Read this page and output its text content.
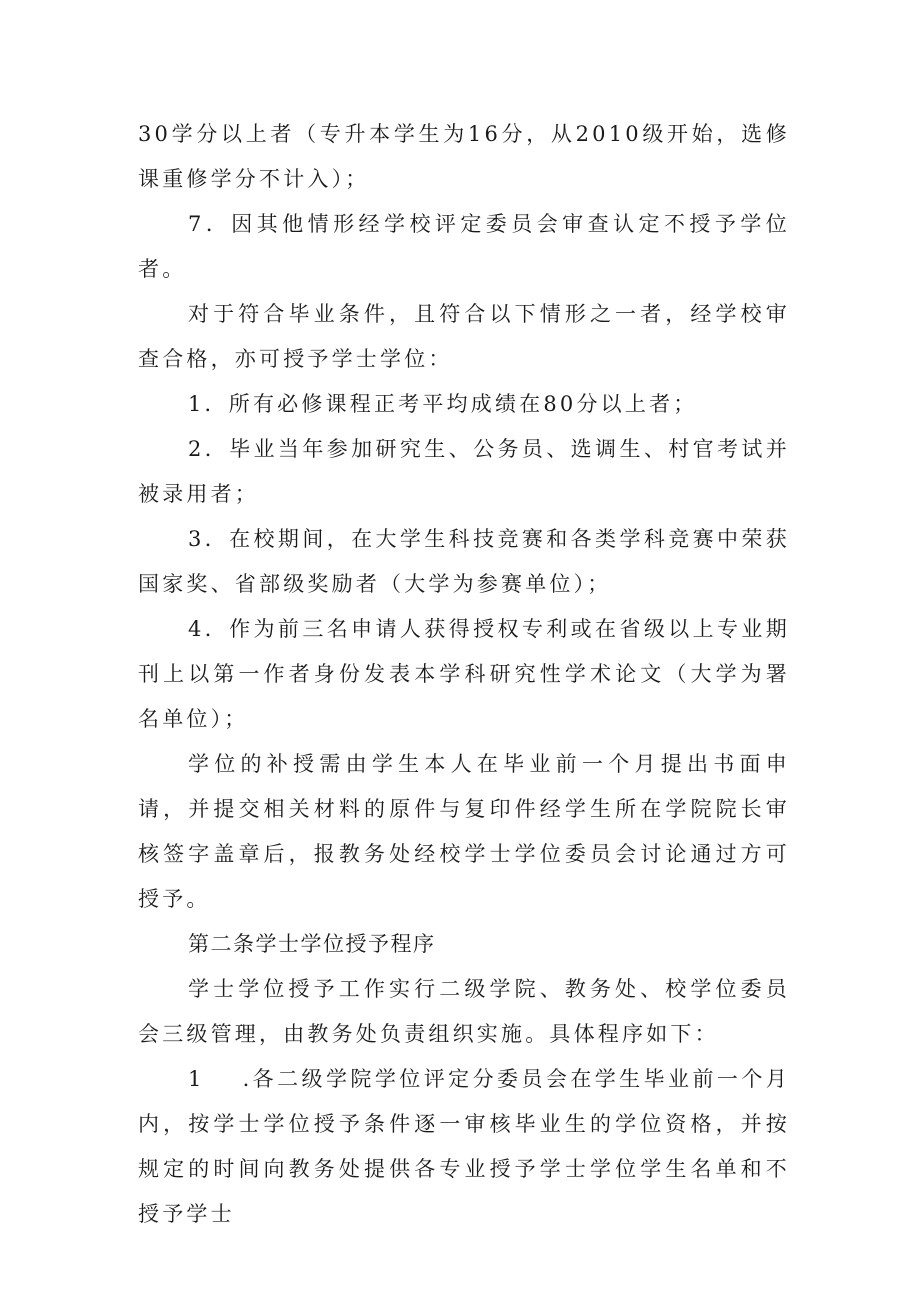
30学分以上者（专升本学生为16分，从2010级开始，选修课重修学分不计入）；

7．因其他情形经学校评定委员会审查认定不授予学位者。

对于符合毕业条件，且符合以下情形之一者，经学校审查合格，亦可授予学士学位：

1．所有必修课程正考平均成绩在80分以上者；

2．毕业当年参加研究生、公务员、选调生、村官考试并被录用者；

3．在校期间，在大学生科技竞赛和各类学科竞赛中荣获国家奖、省部级奖励者（大学为参赛单位）；

4．作为前三名申请人获得授权专利或在省级以上专业期刊上以第一作者身份发表本学科研究性学术论文（大学为署名单位）；

学位的补授需由学生本人在毕业前一个月提出书面申请，并提交相关材料的原件与复印件经学生所在学院院长审核签字盖章后，报教务处经校学士学位委员会讨论通过方可授予。

第二条学士学位授予程序

学士学位授予工作实行二级学院、教务处、校学位委员会三级管理，由教务处负责组织实施。具体程序如下：

1 .各二级学院学位评定分委员会在学生毕业前一个月内，按学士学位授予条件逐一审核毕业生的学位资格，并按规定的时间向教务处提供各专业授予学士学位学生名单和不授予学士
